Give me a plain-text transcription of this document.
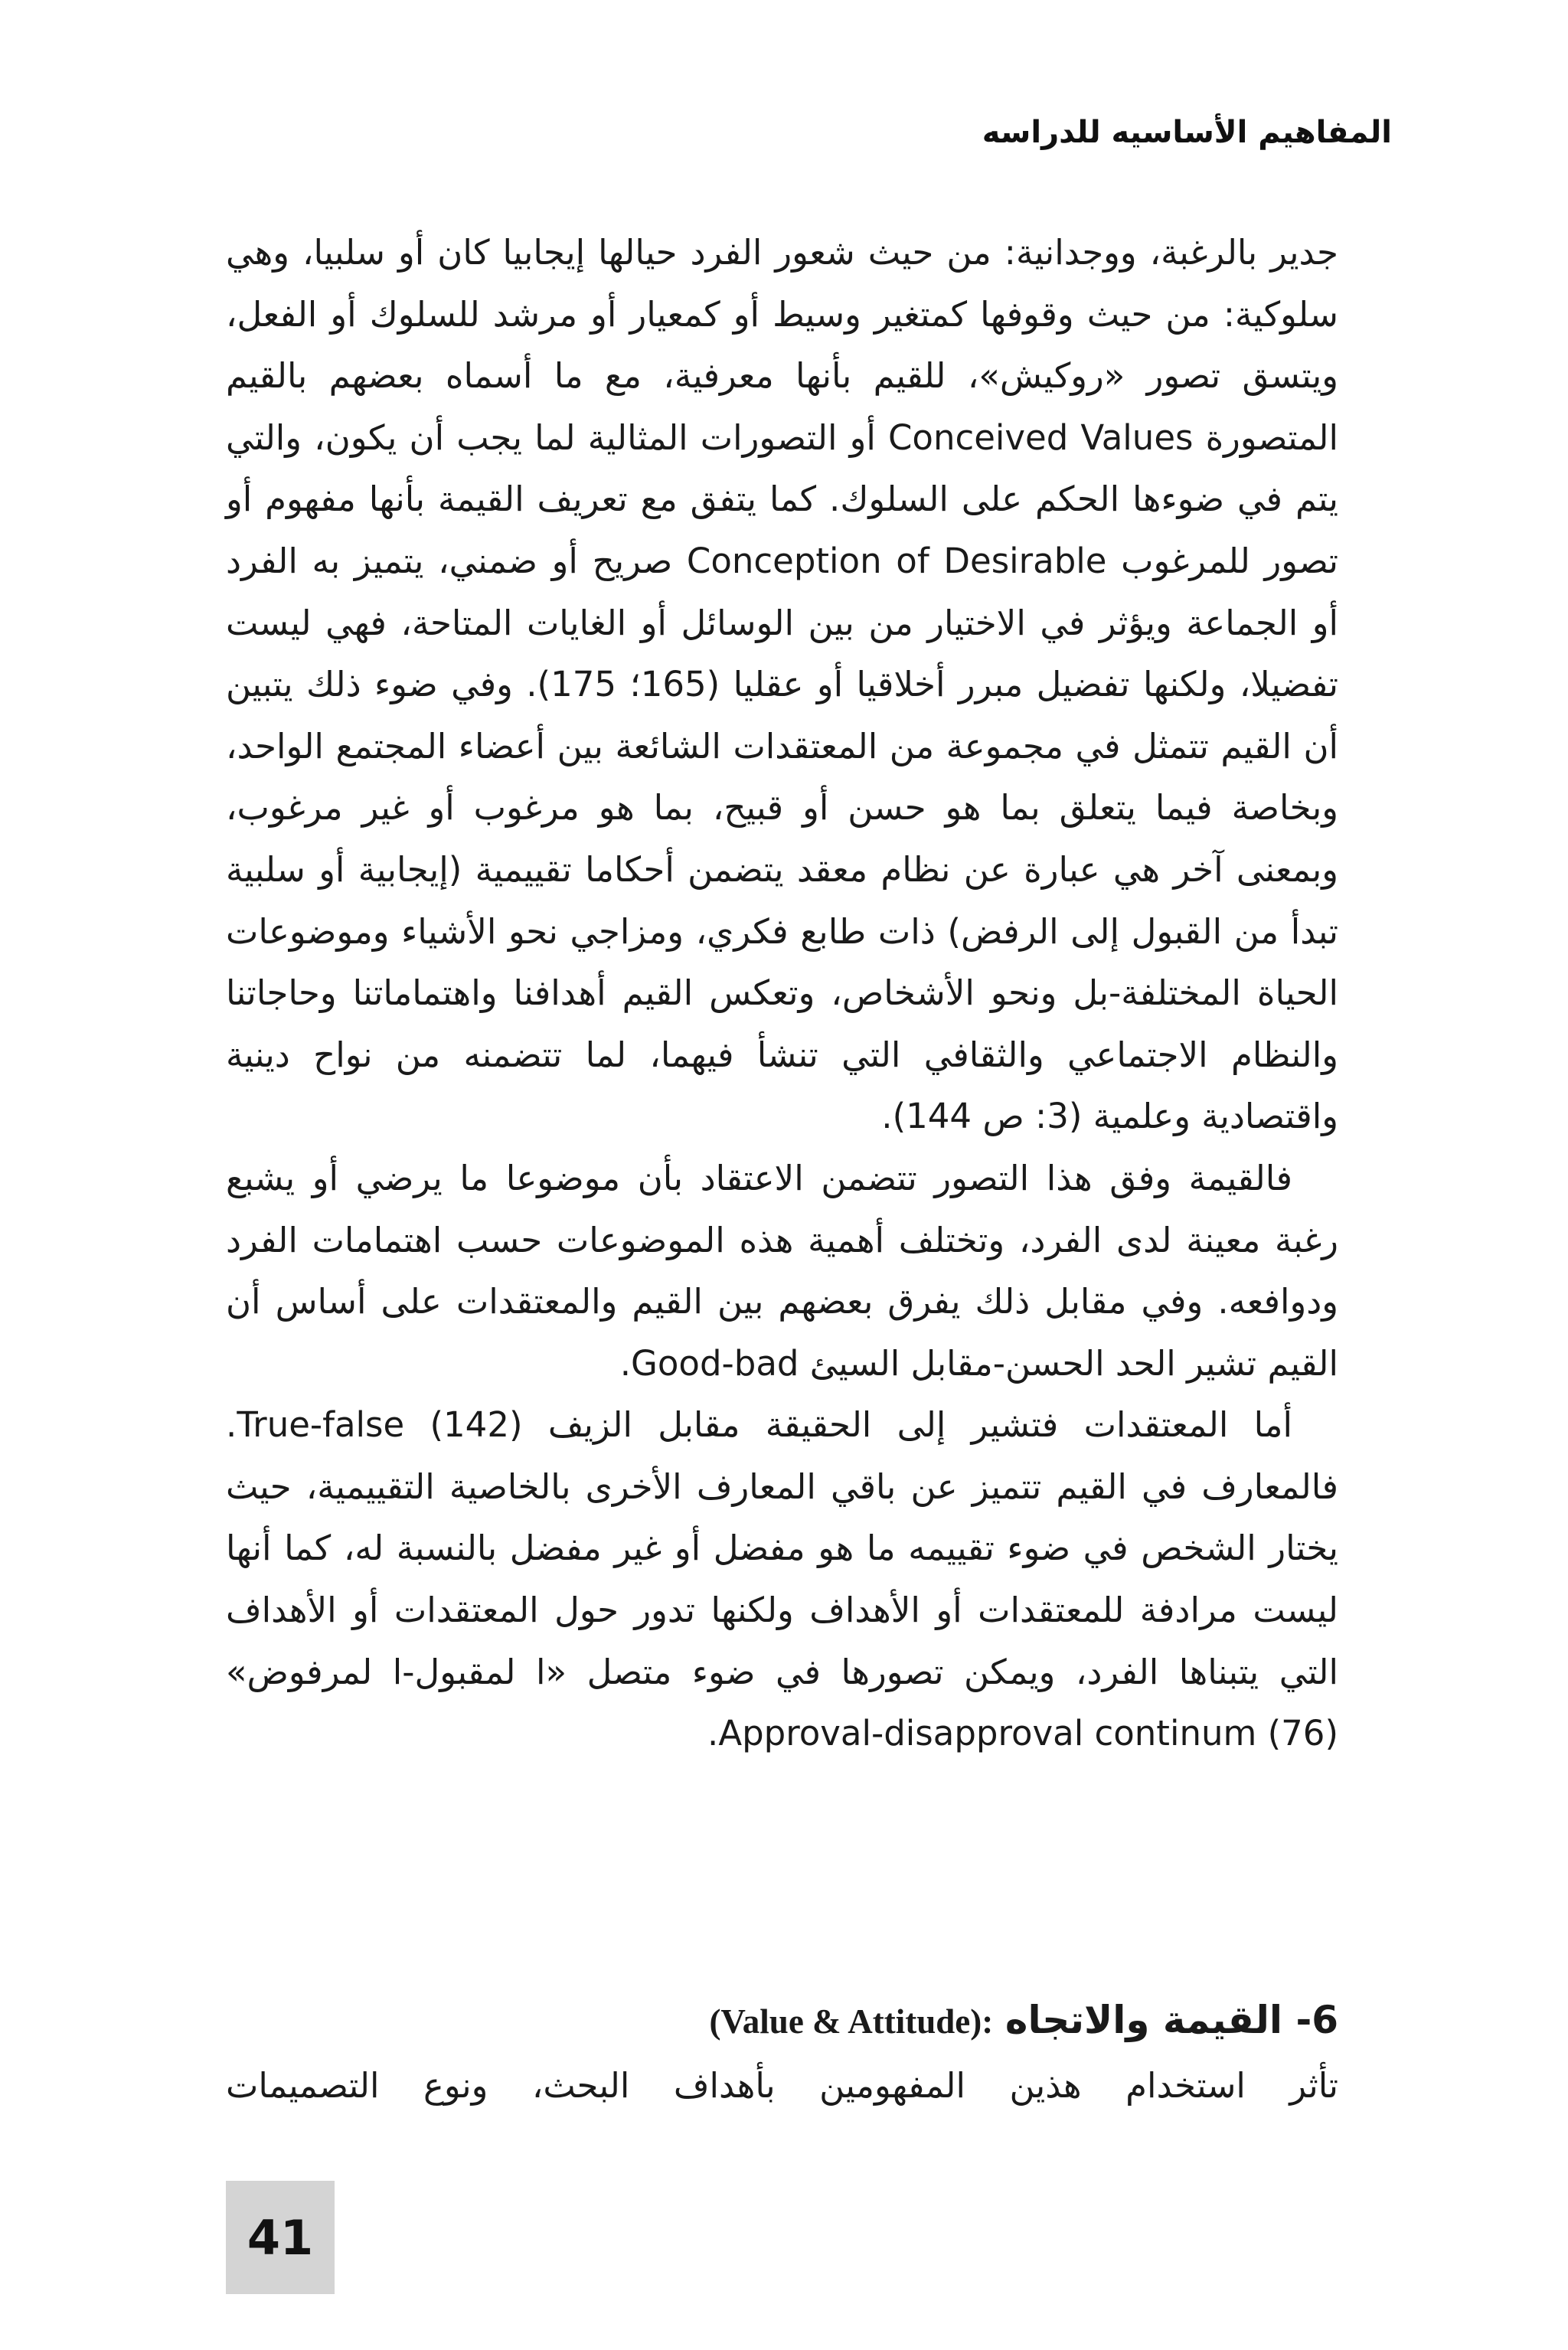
المفاهيم الأساسيه للدراسه

جدير بالرغبة، ووجدانية: من حيث شعور الفرد حيالها إيجابيا كان أو سلبيا، وهي سلوكية: من حيث وقوفها كمتغير وسيط أو كمعيار أو مرشد للسلوك أو الفعل، ويتسق تصور «روكيش»، للقيم بأنها معرفية، مع ما أسماه بعضهم بالقيم المتصورة Conceived Values أو التصورات المثالية لما يجب أن يكون، والتي يتم في ضوءها الحكم على السلوك. كما يتفق مع تعريف القيمة بأنها مفهوم أو تصور للمرغوب Conception of Desirable صريح أو ضمني، يتميز به الفرد أو الجماعة ويؤثر في الاختيار من بين الوسائل أو الغايات المتاحة، فهي ليست تفضيلا، ولكنها تفضيل مبرر أخلاقيا أو عقليا (165؛ 175). وفي ضوء ذلك يتبين أن القيم تتمثل في مجموعة من المعتقدات الشائعة بين أعضاء المجتمع الواحد، وبخاصة فيما يتعلق بما هو حسن أو قبيح، بما هو مرغوب أو غير مرغوب، وبمعنى آخر هي عبارة عن نظام معقد يتضمن أحكاما تقييمية (إيجابية أو سلبية تبدأ من القبول إلى الرفض) ذات طابع فكري، ومزاجي نحو الأشياء وموضوعات الحياة المختلفة-بل ونحو الأشخاص، وتعكس القيم أهدافنا واهتماماتنا وحاجاتنا والنظام الاجتماعي والثقافي التي تنشأ فيهما، لما تتضمنه من نواح دينية واقتصادية وعلمية (3: ص 144).

فالقيمة وفق هذا التصور تتضمن الاعتقاد بأن موضوعا ما يرضي أو يشبع رغبة معينة لدى الفرد، وتختلف أهمية هذه الموضوعات حسب اهتمامات الفرد ودوافعه. وفي مقابل ذلك يفرق بعضهم بين القيم والمعتقدات على أساس أن القيم تشير الحد الحسن-مقابل السيئ Good-bad.

أما المعتقدات فتشير إلى الحقيقة مقابل الزيف True-false (142). فالمعارف في القيم تتميز عن باقي المعارف الأخرى بالخاصية التقييمية، حيث يختار الشخص في ضوء تقييمه ما هو مفضل أو غير مفضل بالنسبة له، كما أنها ليست مرادفة للمعتقدات أو الأهداف ولكنها تدور حول المعتقدات أو الأهداف التي يتبناها الفرد، ويمكن تصورها في ضوء متصل «ا لمقبول-ا لمرفوض» Approval-disapproval continum (76).

6- القيمة والاتجاه (Value & Attitude):

تأثر استخدام هذين المفهومين بأهداف البحث، ونوع التصميمات

41
